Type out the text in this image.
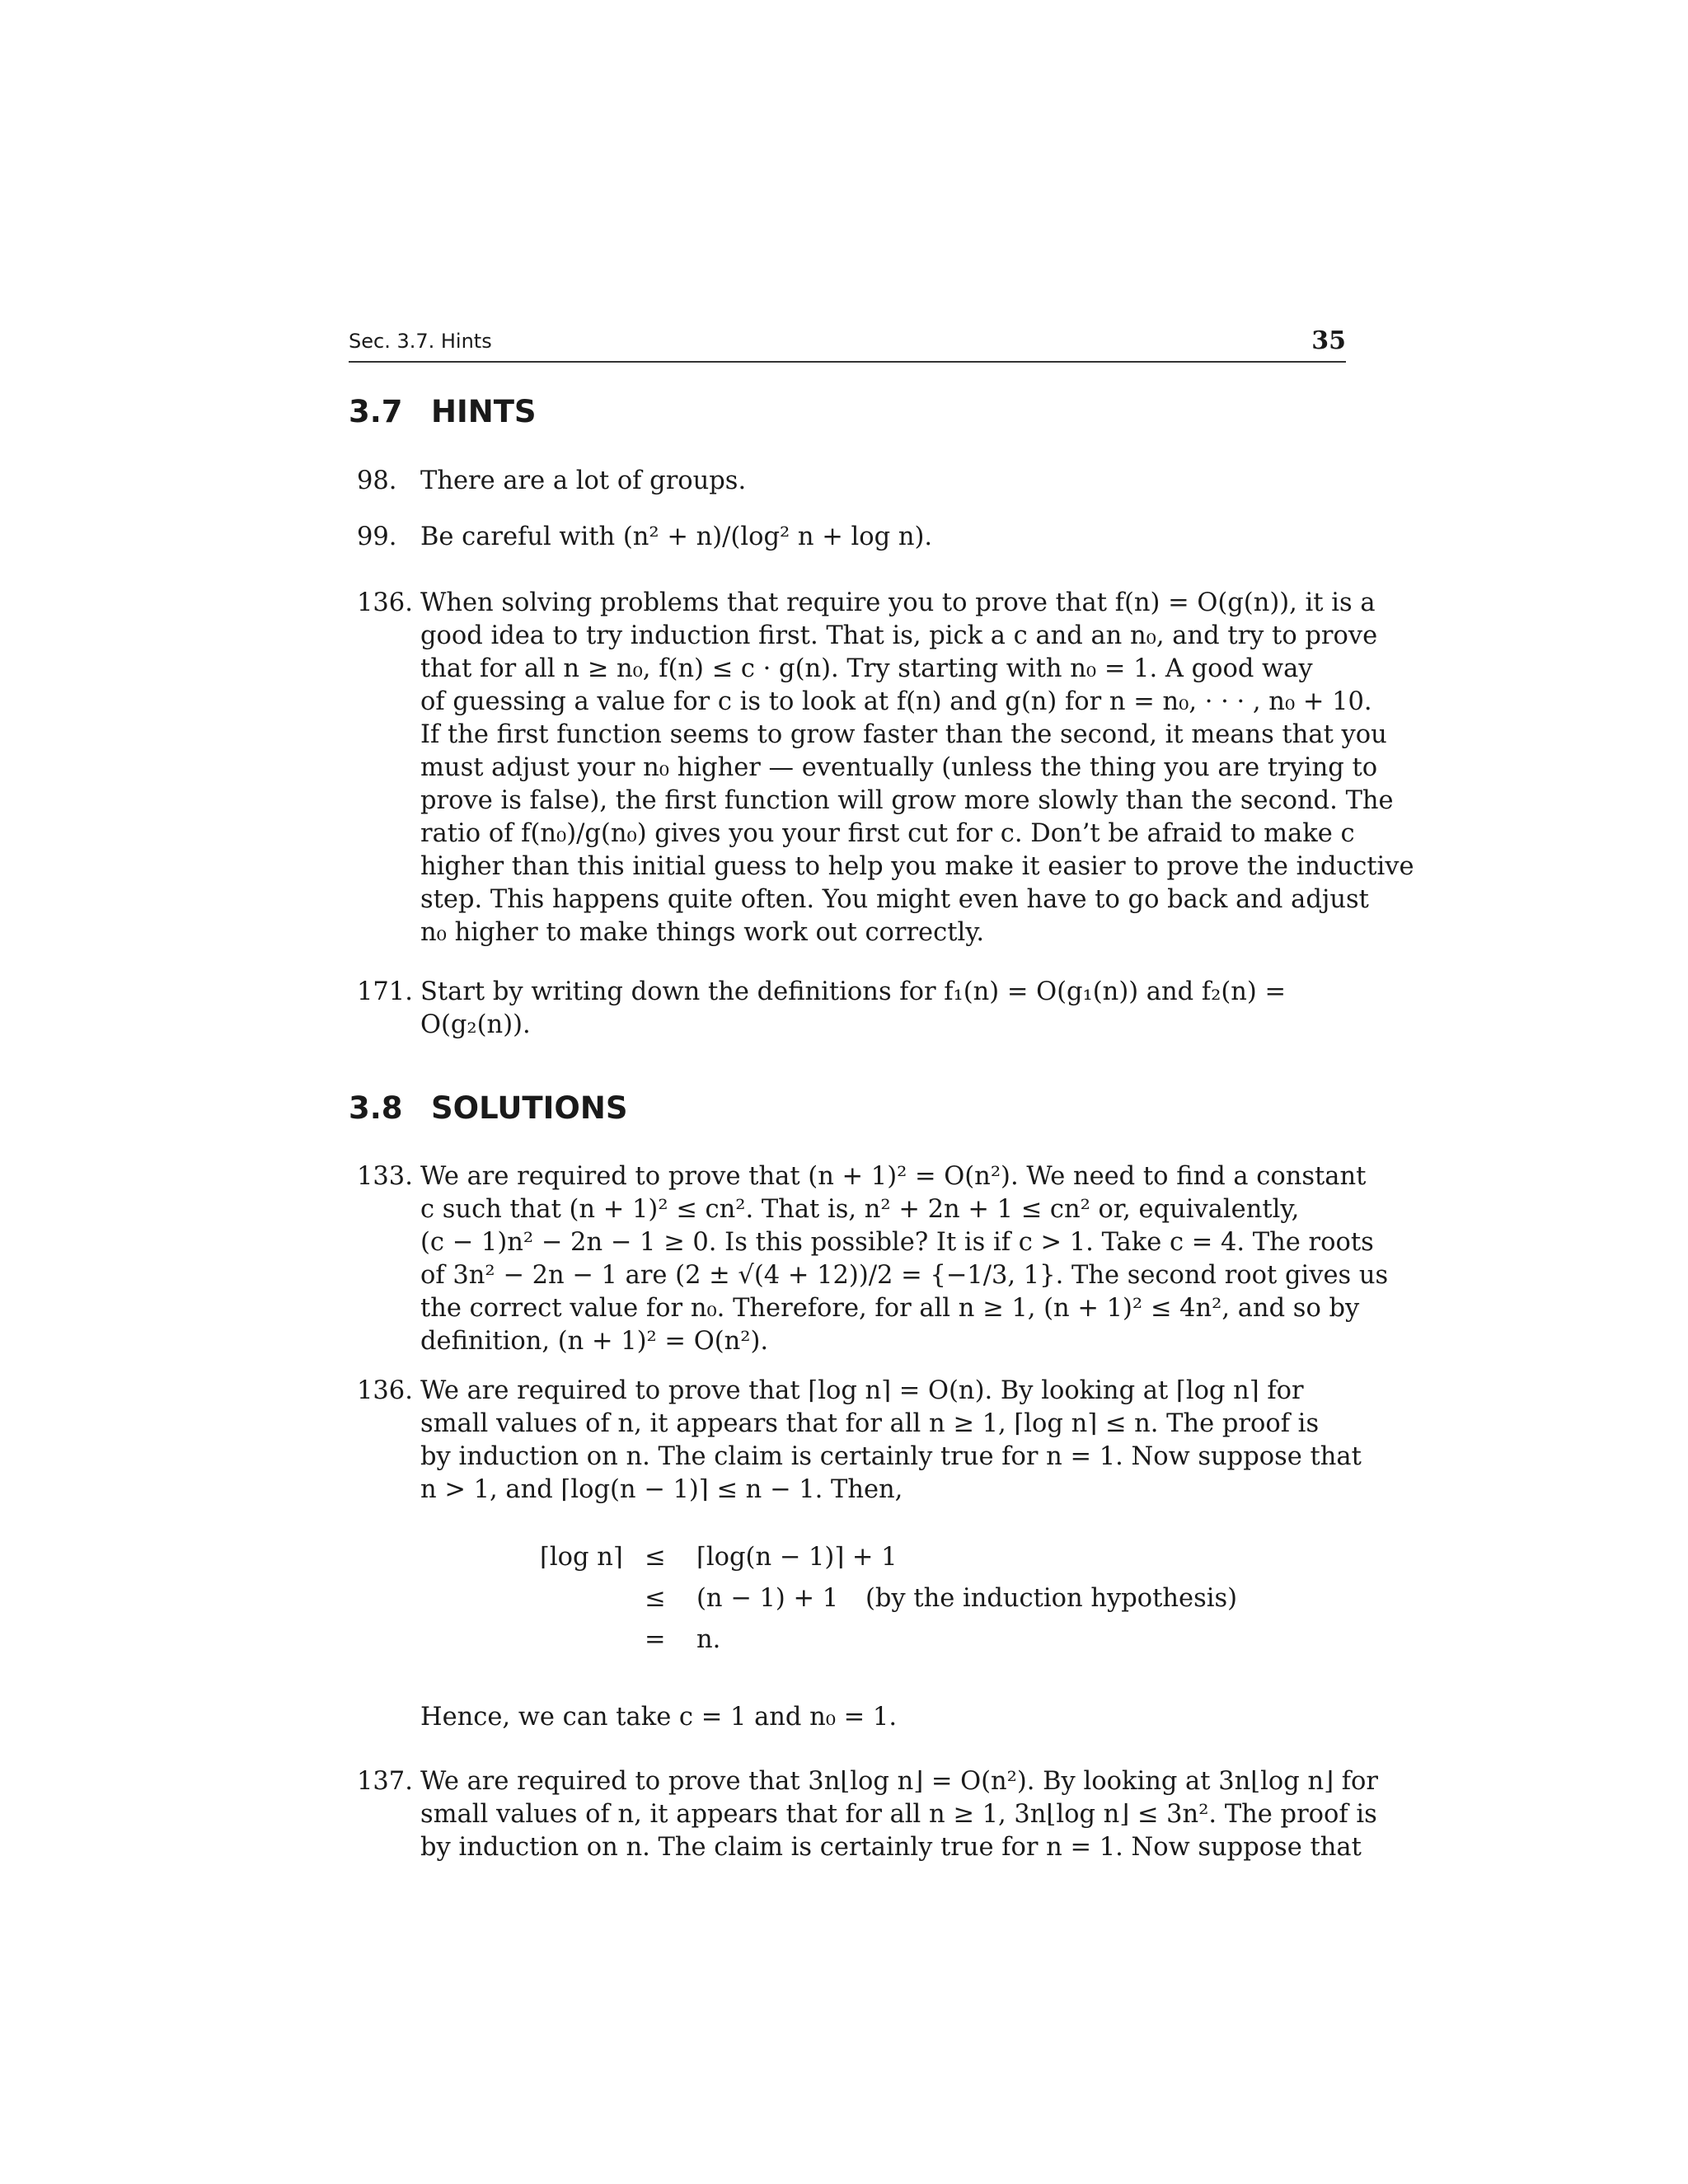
Sec. 3.7. Hints	35
3.7 HINTS
98. There are a lot of groups.
99. Be careful with (n² + n)/(log² n + log n).
136. When solving problems that require you to prove that f(n) = O(g(n)), it is a
good idea to try induction first. That is, pick a c and an n₀, and try to prove
that for all n ≥ n₀, f(n) ≤ c · g(n). Try starting with n₀ = 1. A good way
of guessing a value for c is to look at f(n) and g(n) for n = n₀, · · · , n₀ + 10.
If the first function seems to grow faster than the second, it means that you
must adjust your n₀ higher — eventually (unless the thing you are trying to
prove is false), the first function will grow more slowly than the second. The
ratio of f(n₀)/g(n₀) gives you your first cut for c. Don’t be afraid to make c
higher than this initial guess to help you make it easier to prove the inductive
step. This happens quite often. You might even have to go back and adjust
n₀ higher to make things work out correctly.
171. Start by writing down the definitions for f₁(n) = O(g₁(n)) and f₂(n) =
O(g₂(n)).
3.8 SOLUTIONS
133. We are required to prove that (n + 1)² = O(n²). We need to find a constant
c such that (n + 1)² ≤ cn². That is, n² + 2n + 1 ≤ cn² or, equivalently,
(c − 1)n² − 2n − 1 ≥ 0. Is this possible? It is if c > 1. Take c = 4. The roots
of 3n² − 2n − 1 are (2 ± √(4 + 12))/2 = {−1/3, 1}. The second root gives us
the correct value for n₀. Therefore, for all n ≥ 1, (n + 1)² ≤ 4n², and so by
definition, (n + 1)² = O(n²).
136. We are required to prove that ⌈log n⌉ = O(n). By looking at ⌈log n⌉ for
small values of n, it appears that for all n ≥ 1, ⌈log n⌉ ≤ n. The proof is
by induction on n. The claim is certainly true for n = 1. Now suppose that
n > 1, and ⌈log(n − 1)⌉ ≤ n − 1. Then,
⌈log n⌉ ≤ ⌈log(n − 1)⌉ + 1
≤ (n − 1) + 1 (by the induction hypothesis)
= n.
Hence, we can take c = 1 and n₀ = 1.
137. We are required to prove that 3n⌊log n⌋ = O(n²). By looking at 3n⌊log n⌋ for
small values of n, it appears that for all n ≥ 1, 3n⌊log n⌋ ≤ 3n². The proof is
by induction on n. The claim is certainly true for n = 1. Now suppose that
